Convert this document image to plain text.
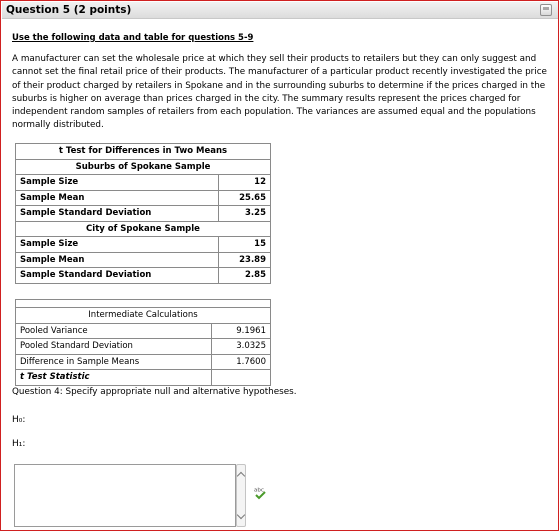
Question 5 (2 points)
Use the following data and table for questions 5-9
A manufacturer can set the wholesale price at which they sell their products to retailers but they can only suggest and cannot set the final retail price of their products. The manufacturer of a particular product recently investigated the price of their product charged by retailers in Spokane and in the surrounding suburbs to determine if the prices charged in the suburbs is higher on average than prices charged in the city. The summary results represent the prices charged for independent random samples of retailers from each population. The variances are assumed equal and the populations normally distributed.
t Test for Differences in Two Means	
Suburbs of Spokane Sample	
Sample Size	12
Sample Mean	25.65
Sample Standard Deviation	3.25
City of Spokane Sample	
Sample Size	15
Sample Mean	23.89
Sample Standard Deviation	2.85

Intermediate Calculations	
Pooled Variance	9.1961
Pooled Standard Deviation	3.0325
Difference in Sample Means	1.7600
t Test Statistic	
Question 4: Specify appropriate null and alternative hypotheses.
H₀:
H₁:
abc
